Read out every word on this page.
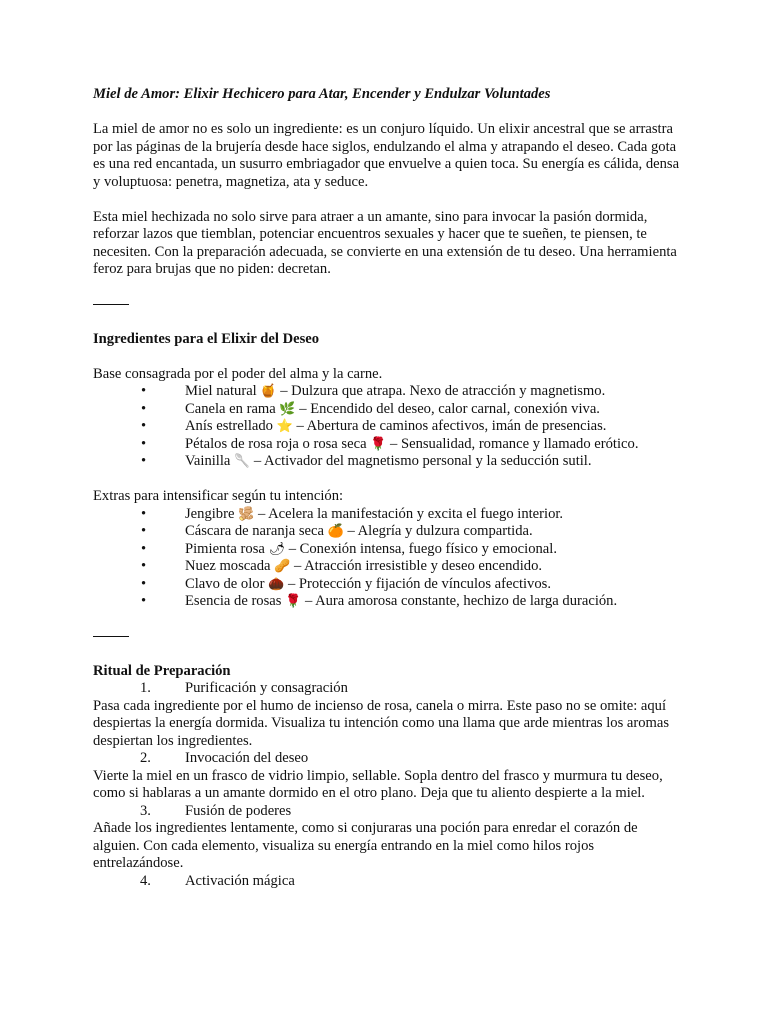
Miel de Amor: Elixir Hechicero para Atar, Encender y Endulzar Voluntades

La miel de amor no es solo un ingrediente: es un conjuro líquido. Un elixir ancestral que se arrastra por las páginas de la brujería desde hace siglos, endulzando el alma y atrapando el deseo. Cada gota es una red encantada, un susurro embriagador que envuelve a quien toca. Su energía es cálida, densa y voluptuosa: penetra, magnetiza, ata y seduce.

Esta miel hechizada no solo sirve para atraer a un amante, sino para invocar la pasión dormida, reforzar lazos que tiemblan, potenciar encuentros sexuales y hacer que te sueñen, te piensen, te necesiten. Con la preparación adecuada, se convierte en una extensión de tu deseo. Una herramienta feroz para brujas que no piden: decretan.

Ingredientes para el Elixir del Deseo

Base consagrada por el poder del alma y la carne.

•	Miel natural 🍯 – Dulzura que atrapa. Nexo de atracción y magnetismo.
•	Canela en rama 🌿 – Encendido del deseo, calor carnal, conexión viva.
•	Anís estrellado ⭐ – Abertura de caminos afectivos, imán de presencias.
•	Pétalos de rosa roja o rosa seca 🌹 – Sensualidad, romance y llamado erótico.
•	Vainilla 🥄 – Activador del magnetismo personal y la seducción sutil.

Extras para intensificar según tu intención:

•	Jengibre 🫚 – Acelera la manifestación y excita el fuego interior.
•	Cáscara de naranja seca 🍊 – Alegría y dulzura compartida.
•	Pimienta rosa 🌶 – Conexión intensa, fuego físico y emocional.
•	Nuez moscada 🥜 – Atracción irresistible y deseo encendido.
•	Clavo de olor 🌰 – Protección y fijación de vínculos afectivos.
•	Esencia de rosas 🌹 – Aura amorosa constante, hechizo de larga duración.

Ritual de Preparación

1. Purificación y consagración

Pasa cada ingrediente por el humo de incienso de rosa, canela o mirra. Este paso no se omite: aquí despiertas la energía dormida. Visualiza tu intención como una llama que arde mientras los aromas despiertan los ingredientes.

2. Invocación del deseo

Vierte la miel en un frasco de vidrio limpio, sellable. Sopla dentro del frasco y murmura tu deseo, como si hablaras a un amante dormido en el otro plano. Deja que tu aliento despierte a la miel.

3. Fusión de poderes

Añade los ingredientes lentamente, como si conjuraras una poción para enredar el corazón de alguien. Con cada elemento, visualiza su energía entrando en la miel como hilos rojos entrelazándose.

4. Activación mágica
